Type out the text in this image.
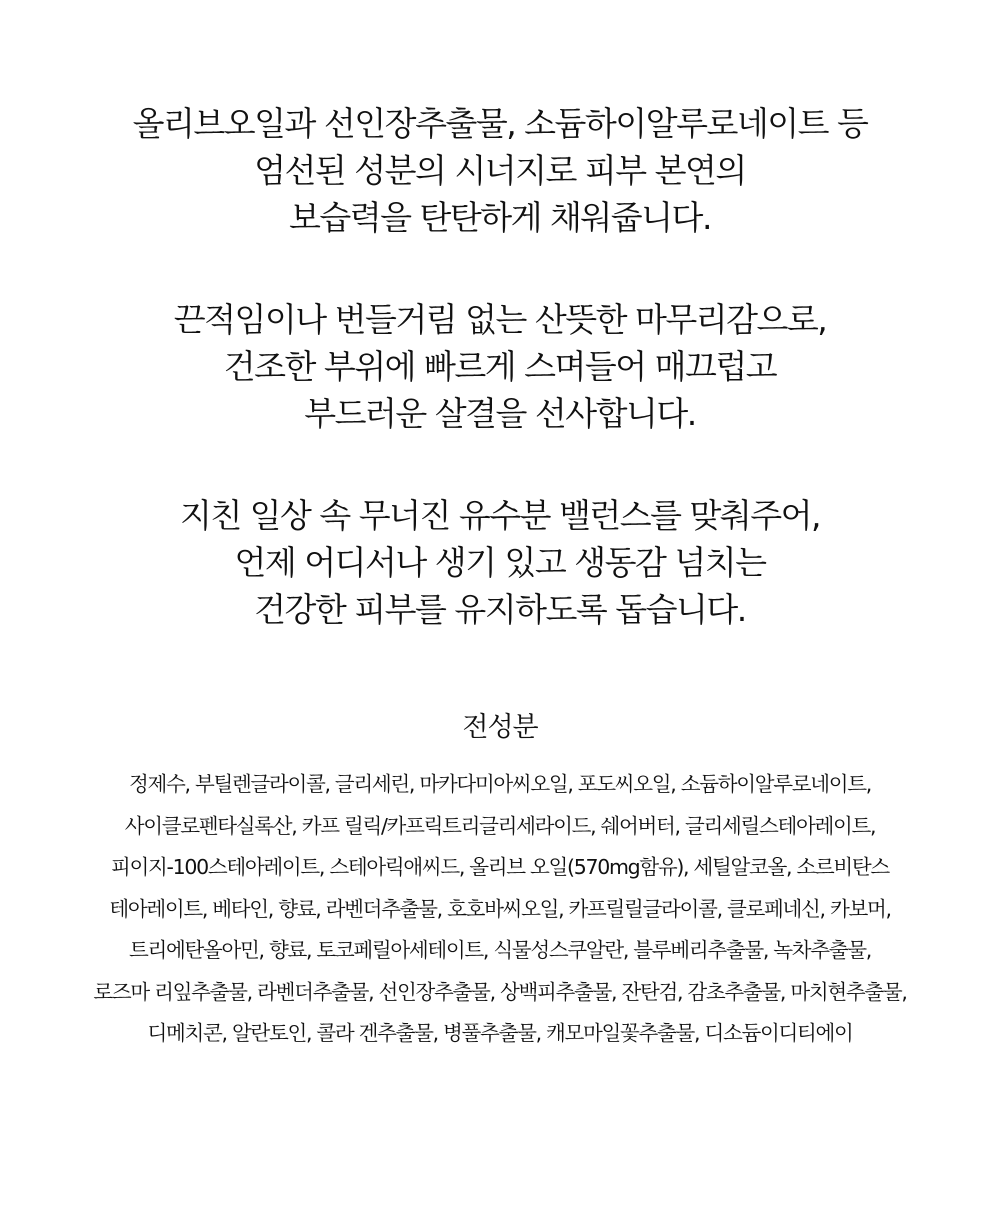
올리브오일과 선인장추출물, 소듐하이알루로네이트 등
엄선된 성분의 시너지로 피부 본연의
보습력을 탄탄하게 채워줍니다.
끈적임이나 번들거림 없는 산뜻한 마무리감으로,
건조한 부위에 빠르게 스며들어 매끄럽고
부드러운 살결을 선사합니다.
지친 일상 속 무너진 유수분 밸런스를 맞춰주어,
언제 어디서나 생기 있고 생동감 넘치는
건강한 피부를 유지하도록 돕습니다.
전성분
정제수, 부틸렌글라이콜, 글리세린, 마카다미아씨오일, 포도씨오일, 소듐하이알루로네이트,
사이클로펜타실록산, 카프 릴릭/카프릭트리글리세라이드, 쉐어버터, 글리세릴스테아레이트,
피이지-100스테아레이트, 스테아릭애씨드, 올리브 오일(570mg함유), 세틸알코올, 소르비탄스
테아레이트, 베타인, 향료, 라벤더추출물, 호호바씨오일, 카프릴릴글라이콜, 클로페네신, 카보머,
트리에탄올아민, 향료, 토코페릴아세테이트, 식물성스쿠알란, 블루베리추출물, 녹차추출물,
로즈마 리잎추출물, 라벤더추출물, 선인장추출물, 상백피추출물, 잔탄검, 감초추출물, 마치현추출물,
디메치콘, 알란토인, 콜라 겐추출물, 병풀추출물, 캐모마일꽃추출물, 디소듐이디티에이
